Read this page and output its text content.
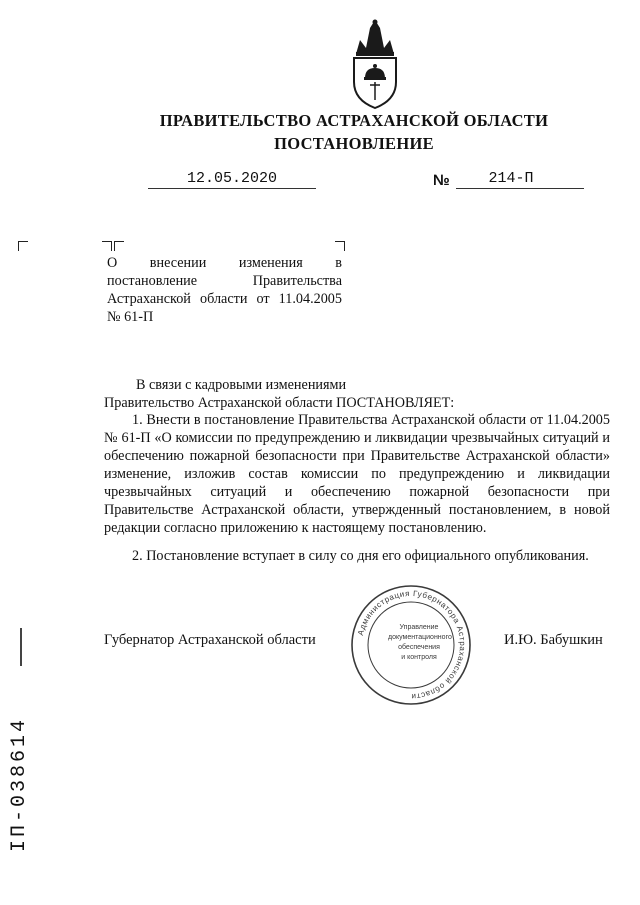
ПРАВИТЕЛЬСТВО АСТРАХАНСКОЙ ОБЛАСТИ
ПОСТАНОВЛЕНИЕ
12.05.2020	№	214-П
О внесении изменения в постановление Правительства Астраханской области от 11.04.2005 № 61-П
В связи с кадровыми изменениями
Правительство Астраханской области ПОСТАНОВЛЯЕТ:
1. Внести в постановление Правительства Астраханской области от 11.04.2005 № 61-П «О комиссии по предупреждению и ликвидации чрезвычайных ситуаций и обеспечению пожарной безопасности при Правительстве Астраханской области» изменение, изложив состав комиссии по предупреждению и ликвидации чрезвычайных ситуаций и обеспечению пожарной безопасности при Правительстве Астраханской области, утвержденный постановлением, в новой редакции согласно приложению к настоящему постановлению.
2. Постановление вступает в силу со дня его официального опубликования.
Губернатор Астраханской области	И.Ю. Бабушкин
Администрация Губернатора Астраханской области
Управление
документационного
обеспечения
и контроля
ІП-038614
